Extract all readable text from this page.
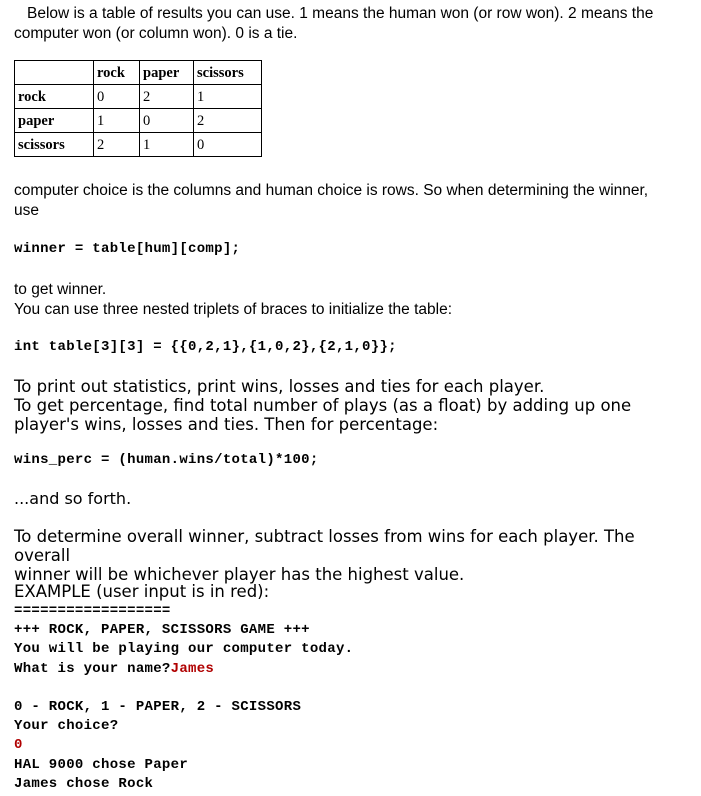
Below is a table of results you can use. 1 means the human won (or row won). 2 means the

computer won (or column won). 0 is a tie.

	rock	paper	scissors
rock	0	2	1
paper	1	0	2
scissors	2	1	0

computer choice is the columns and human choice is rows. So when determining the winner,

use

winner = table[hum][comp];

to get winner.

You can use three nested triplets of braces to initialize the table:

int table[3][3] = {{0,2,1},{1,0,2},{2,1,0}};

To print out statistics, print wins, losses and ties for each player.

To get percentage, find total number of plays (as a float) by adding up one

player's wins, losses and ties. Then for percentage:

wins_perc = (human.wins/total)*100;
...and so forth.

To determine overall winner, subtract losses from wins for each player. The overall

winner will be whichever player has the highest value.

EXAMPLE (user input is in red):
==================
+++ ROCK, PAPER, SCISSORS GAME +++
You will be playing our computer today.
What is your name?James
0 - ROCK, 1 - PAPER, 2 - SCISSORS
Your choice?
0
HAL 9000 chose Paper
James chose Rock
